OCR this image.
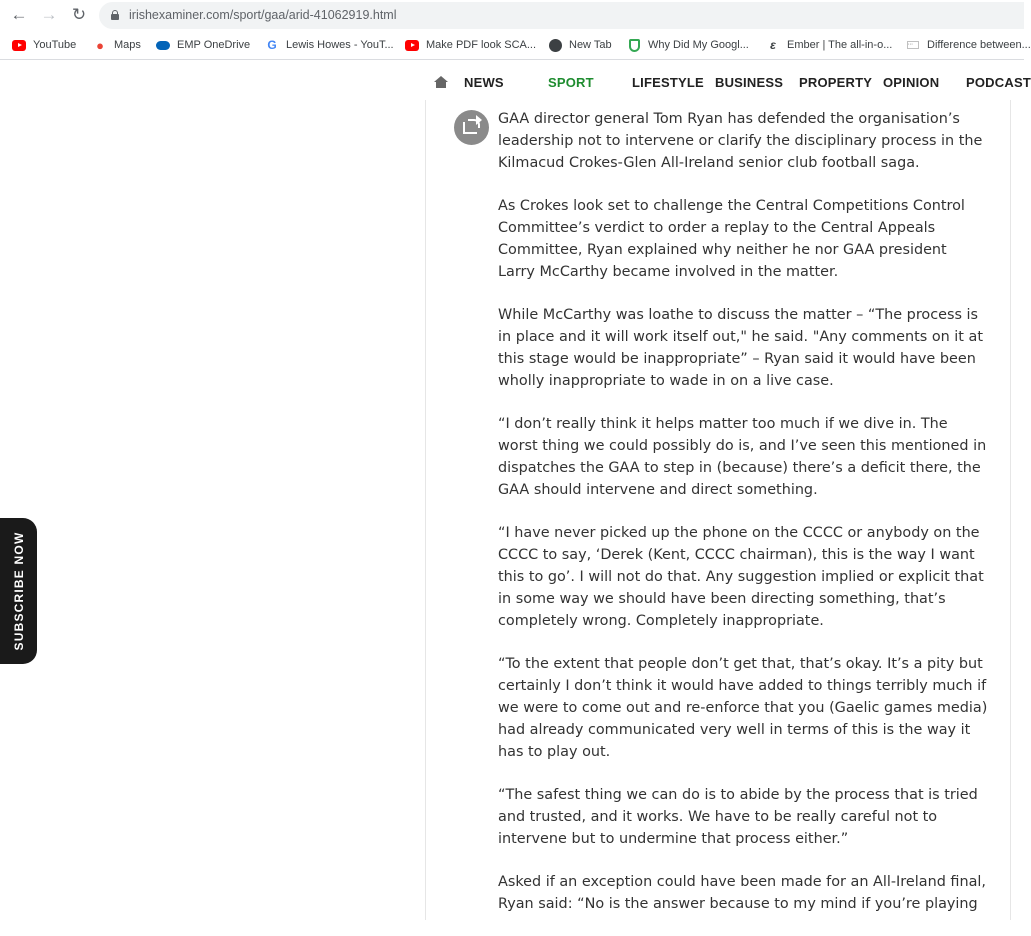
← → ↻	irishexaminer.com/sport/gaa/arid-41062919.html
YouTube ● Maps	EMP OneDrive G Lewis Howes - YouT...	Make PDF look SCA...	New Tab	Why Did My Googl...	ε	Ember | The all-in-o...	···	Difference between...
NEWS	SPORT	LIFESTYLE BUSINESS PROPERTY OPINION PODCAST

GAA director general Tom Ryan has defended the organisation’s leadership not to intervene or clarify the disciplinary process in the Kilmacud Crokes-Glen All-Ireland senior club football saga.

As Crokes look set to challenge the Central Competitions Control Committee’s verdict to order a replay to the Central Appeals Committee, Ryan explained why neither he nor GAA president Larry McCarthy became involved in the matter.

While McCarthy was loathe to discuss the matter – “The process is in place and it will work itself out," he said. "Any comments on it at this stage would be inappropriate” – Ryan said it would have been wholly inappropriate to wade in on a live case.

“I don’t really think it helps matter too much if we dive in. The worst thing we could possibly do is, and I’ve seen this mentioned in dispatches the GAA to step in (because) there’s a deficit there, the GAA should intervene and direct something.

“I have never picked up the phone on the CCCC or anybody on the CCCC to say, ‘Derek (Kent, CCCC chairman), this is the way I want this to go’. I will not do that. Any suggestion implied or explicit that in some way we should have been directing something, that’s completely wrong. Completely inappropriate.

“To the extent that people don’t get that, that’s okay. It’s a pity but certainly I don’t think it would have added to things terribly much if we were to come out and re-enforce that you (Gaelic games media) had already communicated very well in terms of this is the way it has to play out.

“The safest thing we can do is to abide by the process that is tried and trusted, and it works. We have to be really careful not to intervene but to undermine that process either.”

Asked if an exception could have been made for an All-Ireland final, Ryan said: “No is the answer because to my mind if you’re playing

SUBSCRIBE NOW
